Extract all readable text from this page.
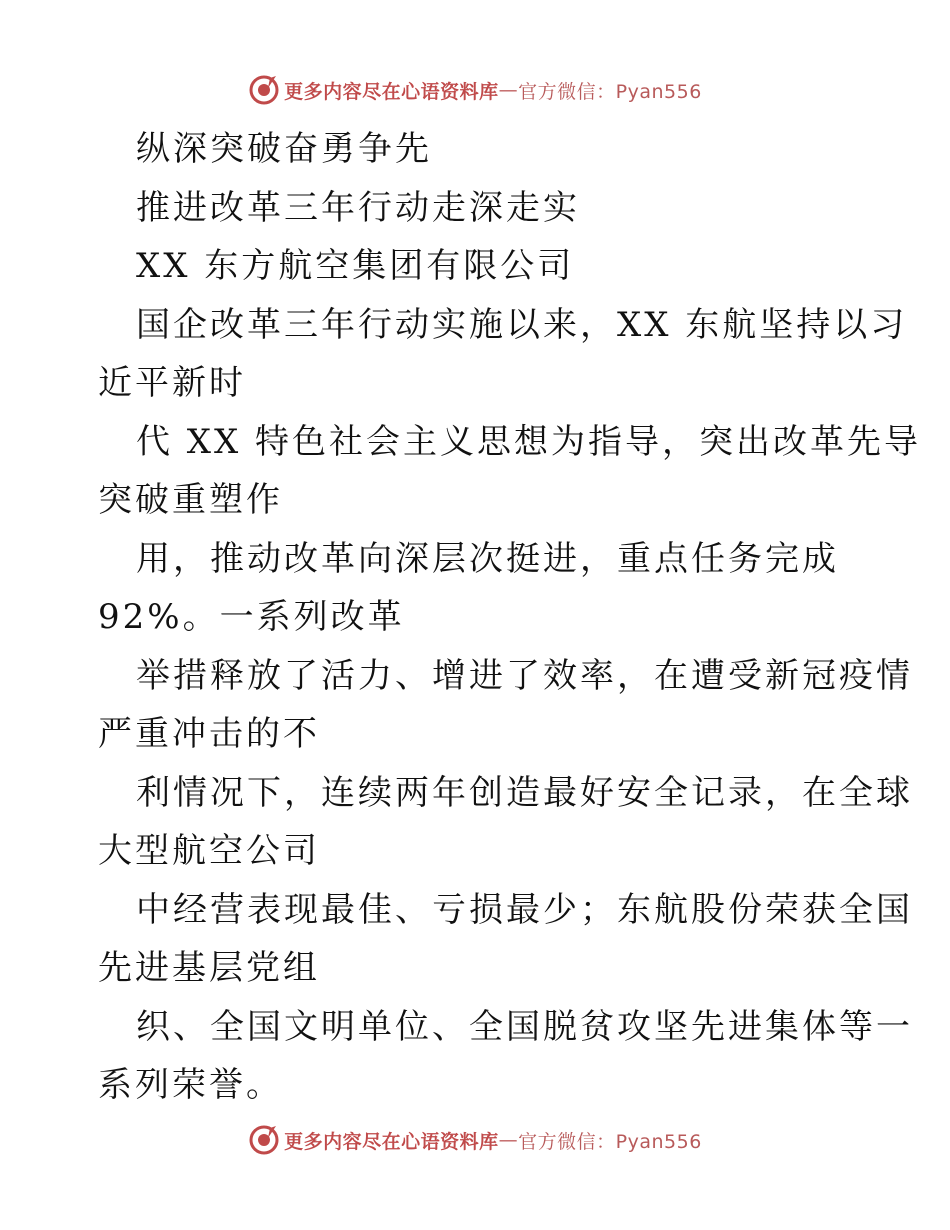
更多内容尽在心语资料库 — 官方微信：Pyan556
纵深突破奋勇争先
推进改革三年行动走深走实
XX 东方航空集团有限公司
国企改革三年行动实施以来，XX 东航坚持以习
近平新时
代 XX 特色社会主义思想为指导，突出改革先导
突破重塑作
用，推动改革向深层次挺进，重点任务完成
92%。一系列改革
举措释放了活力、增进了效率，在遭受新冠疫情
严重冲击的不
利情况下，连续两年创造最好安全记录，在全球
大型航空公司
中经营表现最佳、亏损最少；东航股份荣获全国
先进基层党组
织、全国文明单位、全国脱贫攻坚先进集体等一
系列荣誉。
更多内容尽在心语资料库 — 官方微信：Pyan556
